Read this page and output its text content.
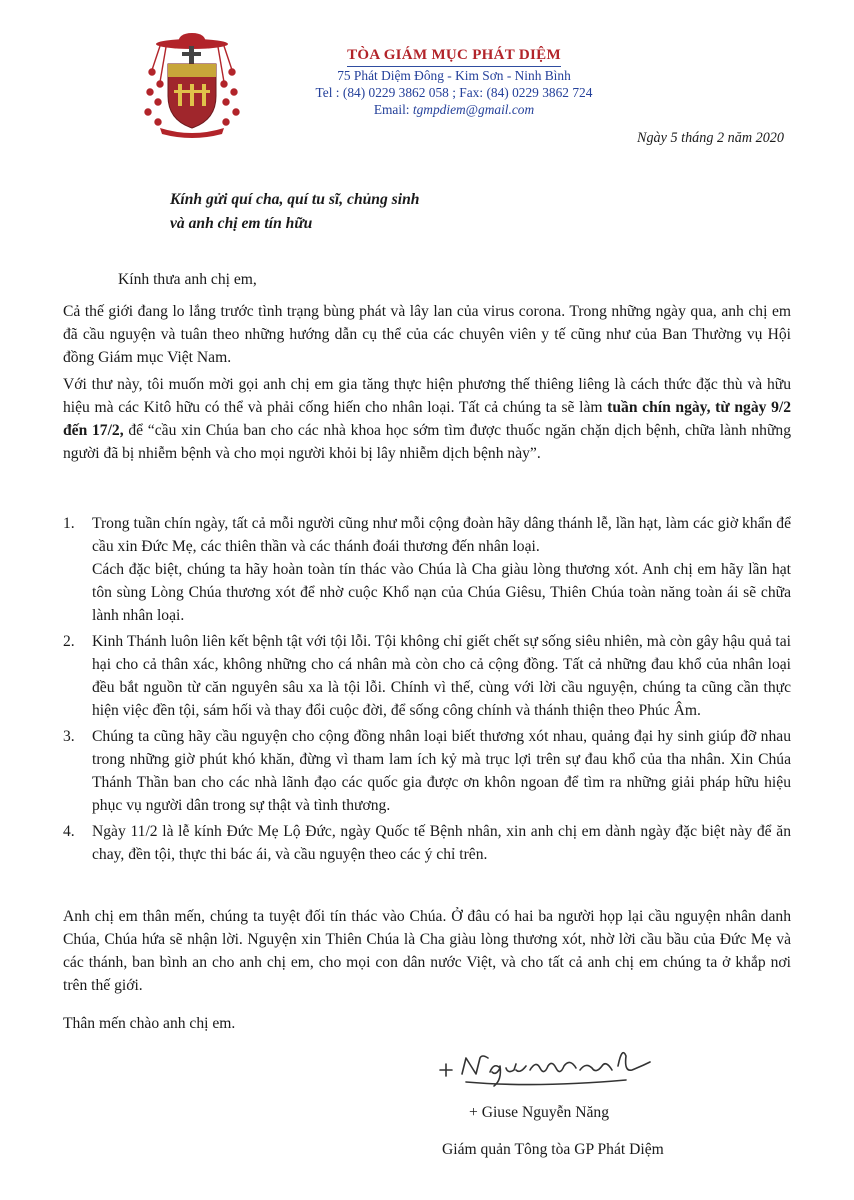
TÒA GIÁM MỤC PHÁT DIỆM
75 Phát Diệm Đông - Kim Sơn - Ninh Bình
Tel : (84) 0229 3862 058 ; Fax: (84) 0229 3862 724
Email: tgmpdiem@gmail.com
Ngày 5 tháng 2 năm 2020
Kính gửi quí cha, quí tu sĩ, chủng sinh
và anh chị em tín hữu
Kính thưa anh chị em,
Cả thế giới đang lo lắng trước tình trạng bùng phát và lây lan của virus corona. Trong những ngày qua, anh chị em đã cầu nguyện và tuân theo những hướng dẫn cụ thể của các chuyên viên y tế cũng như của Ban Thường vụ Hội đồng Giám mục Việt Nam.
Với thư này, tôi muốn mời gọi anh chị em gia tăng thực hiện phương thế thiêng liêng là cách thức đặc thù và hữu hiệu mà các Kitô hữu có thể và phải cống hiến cho nhân loại. Tất cả chúng ta sẽ làm tuần chín ngày, từ ngày 9/2 đến 17/2, để “cầu xin Chúa ban cho các nhà khoa học sớm tìm được thuốc ngăn chặn dịch bệnh, chữa lành những người đã bị nhiễm bệnh và cho mọi người khỏi bị lây nhiễm dịch bệnh này”.
1. Trong tuần chín ngày, tất cả mỗi người cũng như mỗi cộng đoàn hãy dâng thánh lễ, lần hạt, làm các giờ khẩn để cầu xin Đức Mẹ, các thiên thần và các thánh đoái thương đến nhân loại.
Cách đặc biệt, chúng ta hãy hoàn toàn tín thác vào Chúa là Cha giàu lòng thương xót. Anh chị em hãy lần hạt tôn sùng Lòng Chúa thương xót để nhờ cuộc Khổ nạn của Chúa Giêsu, Thiên Chúa toàn năng toàn ái sẽ chữa lành nhân loại.
2. Kinh Thánh luôn liên kết bệnh tật với tội lỗi. Tội không chỉ giết chết sự sống siêu nhiên, mà còn gây hậu quả tai hại cho cả thân xác, không những cho cá nhân mà còn cho cả cộng đồng. Tất cả những đau khổ của nhân loại đều bắt nguồn từ căn nguyên sâu xa là tội lỗi. Chính vì thế, cùng với lời cầu nguyện, chúng ta cũng cần thực hiện việc đền tội, sám hối và thay đổi cuộc đời, để sống công chính và thánh thiện theo Phúc Âm.
3. Chúng ta cũng hãy cầu nguyện cho cộng đồng nhân loại biết thương xót nhau, quảng đại hy sinh giúp đỡ nhau trong những giờ phút khó khăn, đừng vì tham lam ích kỷ mà trục lợi trên sự đau khổ của tha nhân. Xin Chúa Thánh Thần ban cho các nhà lãnh đạo các quốc gia được ơn khôn ngoan để tìm ra những giải pháp hữu hiệu phục vụ người dân trong sự thật và tình thương.
4. Ngày 11/2 là lễ kính Đức Mẹ Lộ Đức, ngày Quốc tế Bệnh nhân, xin anh chị em dành ngày đặc biệt này để ăn chay, đền tội, thực thi bác ái, và cầu nguyện theo các ý chỉ trên.
Anh chị em thân mến, chúng ta tuyệt đối tín thác vào Chúa. Ở đâu có hai ba người họp lại cầu nguyện nhân danh Chúa, Chúa hứa sẽ nhận lời. Nguyện xin Thiên Chúa là Cha giàu lòng thương xót, nhờ lời cầu bầu của Đức Mẹ và các thánh, ban bình an cho anh chị em, cho mọi con dân nước Việt, và cho tất cả anh chị em chúng ta ở khắp nơi trên thế giới.
Thân mến chào anh chị em.
+ Giuse Nguyễn Năng
Giám quản Tông tòa GP Phát Diệm
